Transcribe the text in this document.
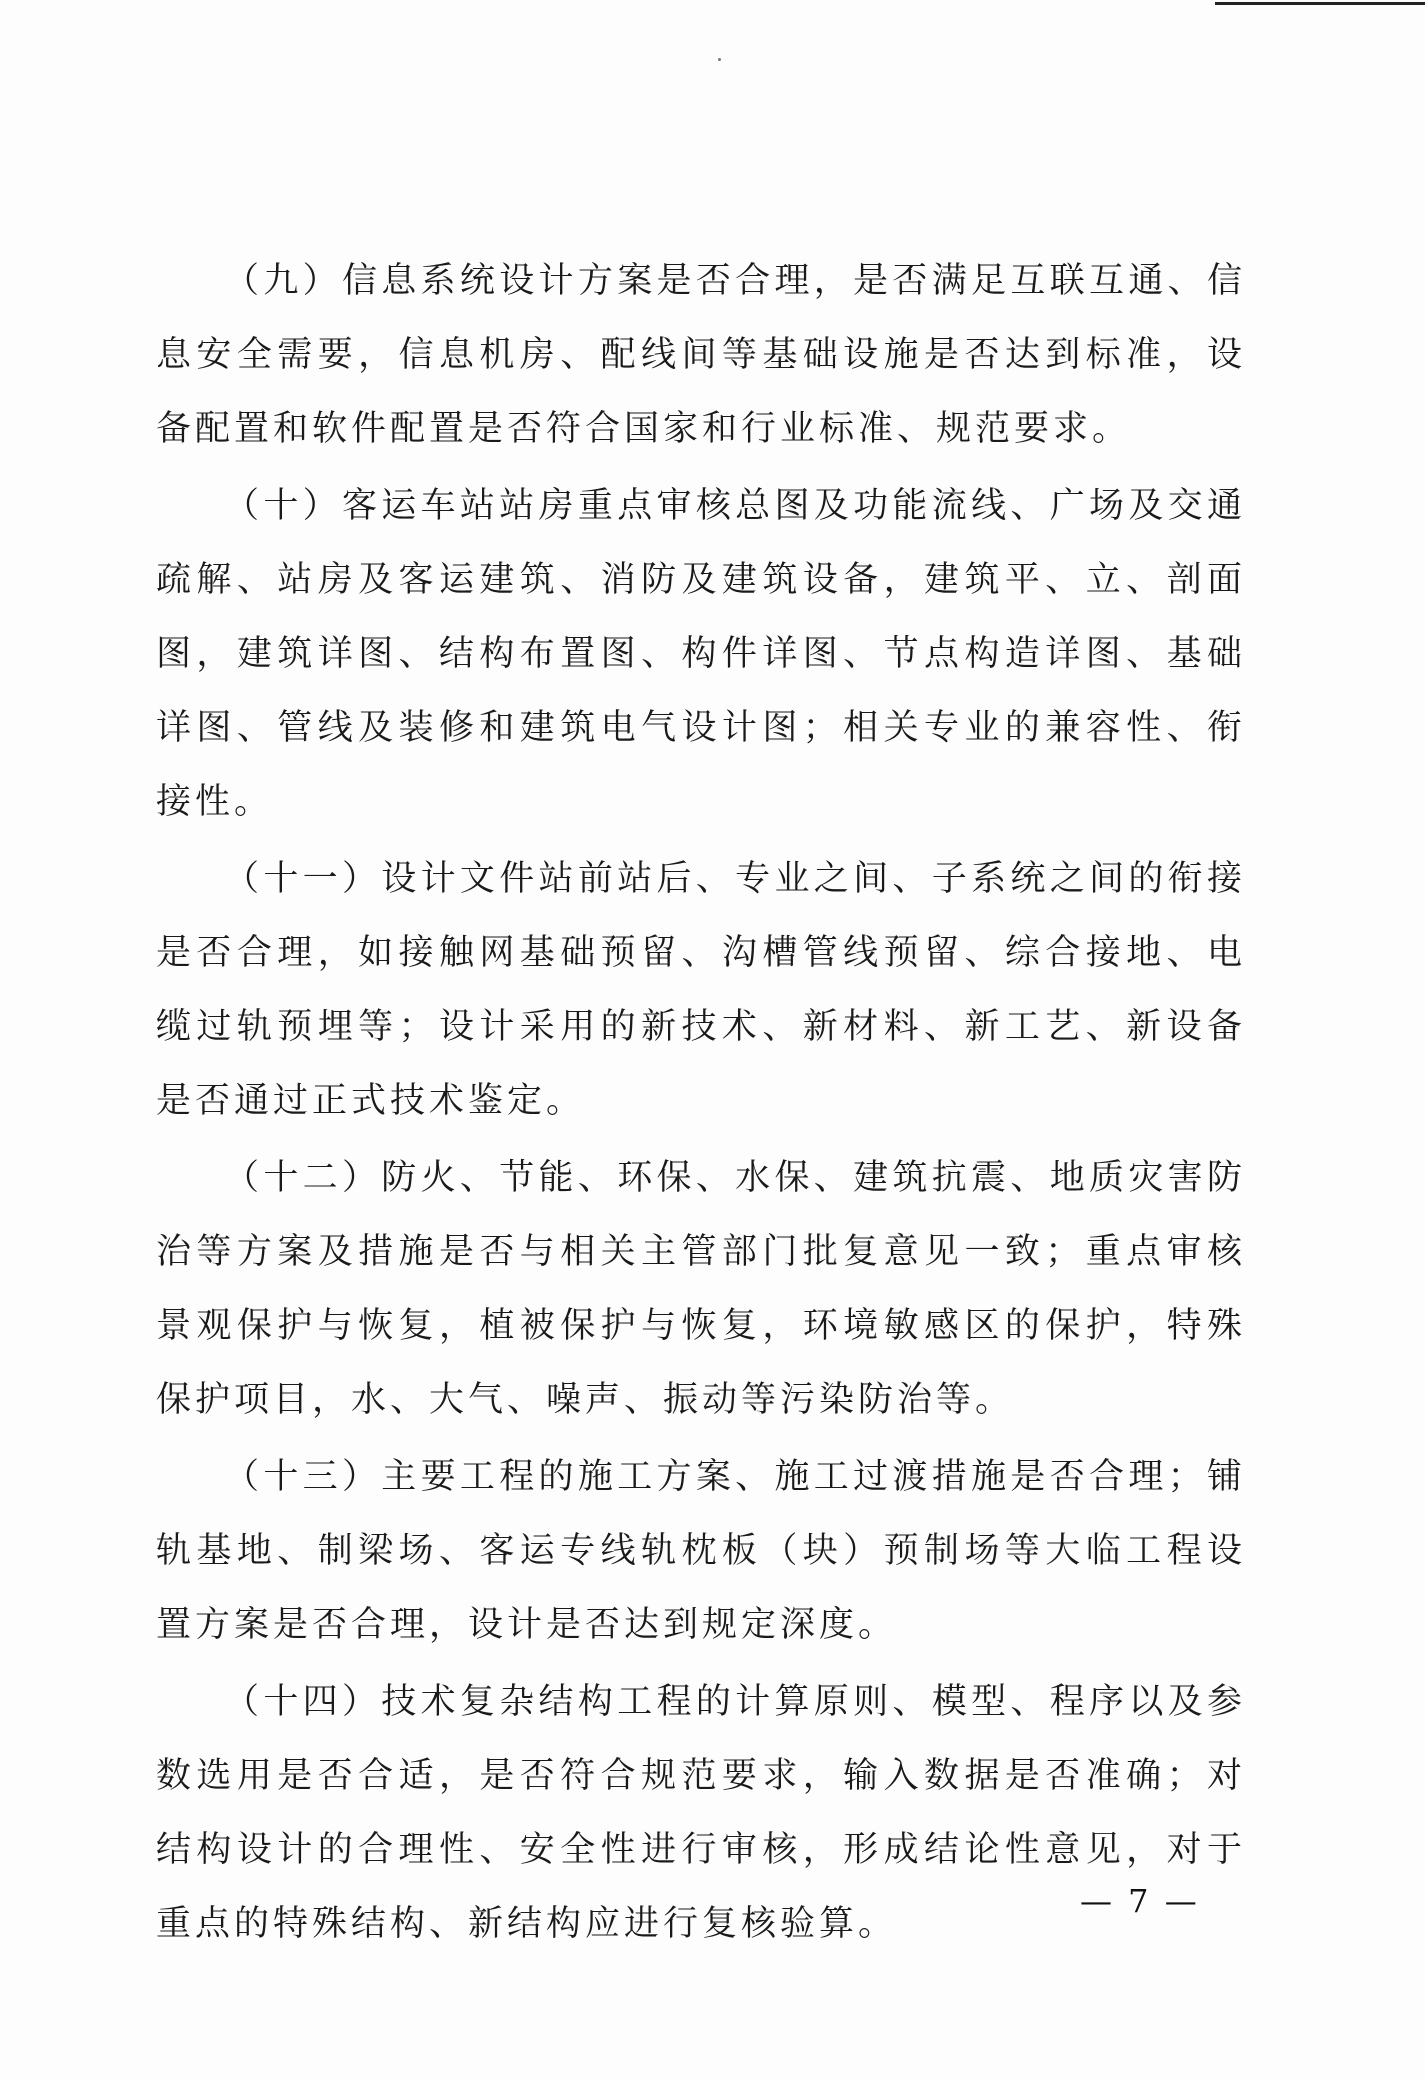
（九）信息系统设计方案是否合理，是否满足互联互通、信息安全需要，信息机房、配线间等基础设施是否达到标准，设备配置和软件配置是否符合国家和行业标准、规范要求。

（十）客运车站站房重点审核总图及功能流线、广场及交通疏解、站房及客运建筑、消防及建筑设备，建筑平、立、剖面图，建筑详图、结构布置图、构件详图、节点构造详图、基础详图、管线及装修和建筑电气设计图；相关专业的兼容性、衔接性。

（十一）设计文件站前站后、专业之间、子系统之间的衔接是否合理，如接触网基础预留、沟槽管线预留、综合接地、电缆过轨预埋等；设计采用的新技术、新材料、新工艺、新设备是否通过正式技术鉴定。

（十二）防火、节能、环保、水保、建筑抗震、地质灾害防治等方案及措施是否与相关主管部门批复意见一致；重点审核景观保护与恢复，植被保护与恢复，环境敏感区的保护，特殊保护项目，水、大气、噪声、振动等污染防治等。

（十三）主要工程的施工方案、施工过渡措施是否合理；铺轨基地、制梁场、客运专线轨枕板（块）预制场等大临工程设置方案是否合理，设计是否达到规定深度。

（十四）技术复杂结构工程的计算原则、模型、程序以及参数选用是否合适，是否符合规范要求，输入数据是否准确；对结构设计的合理性、安全性进行审核，形成结论性意见，对于重点的特殊结构、新结构应进行复核验算。

— 7 —
